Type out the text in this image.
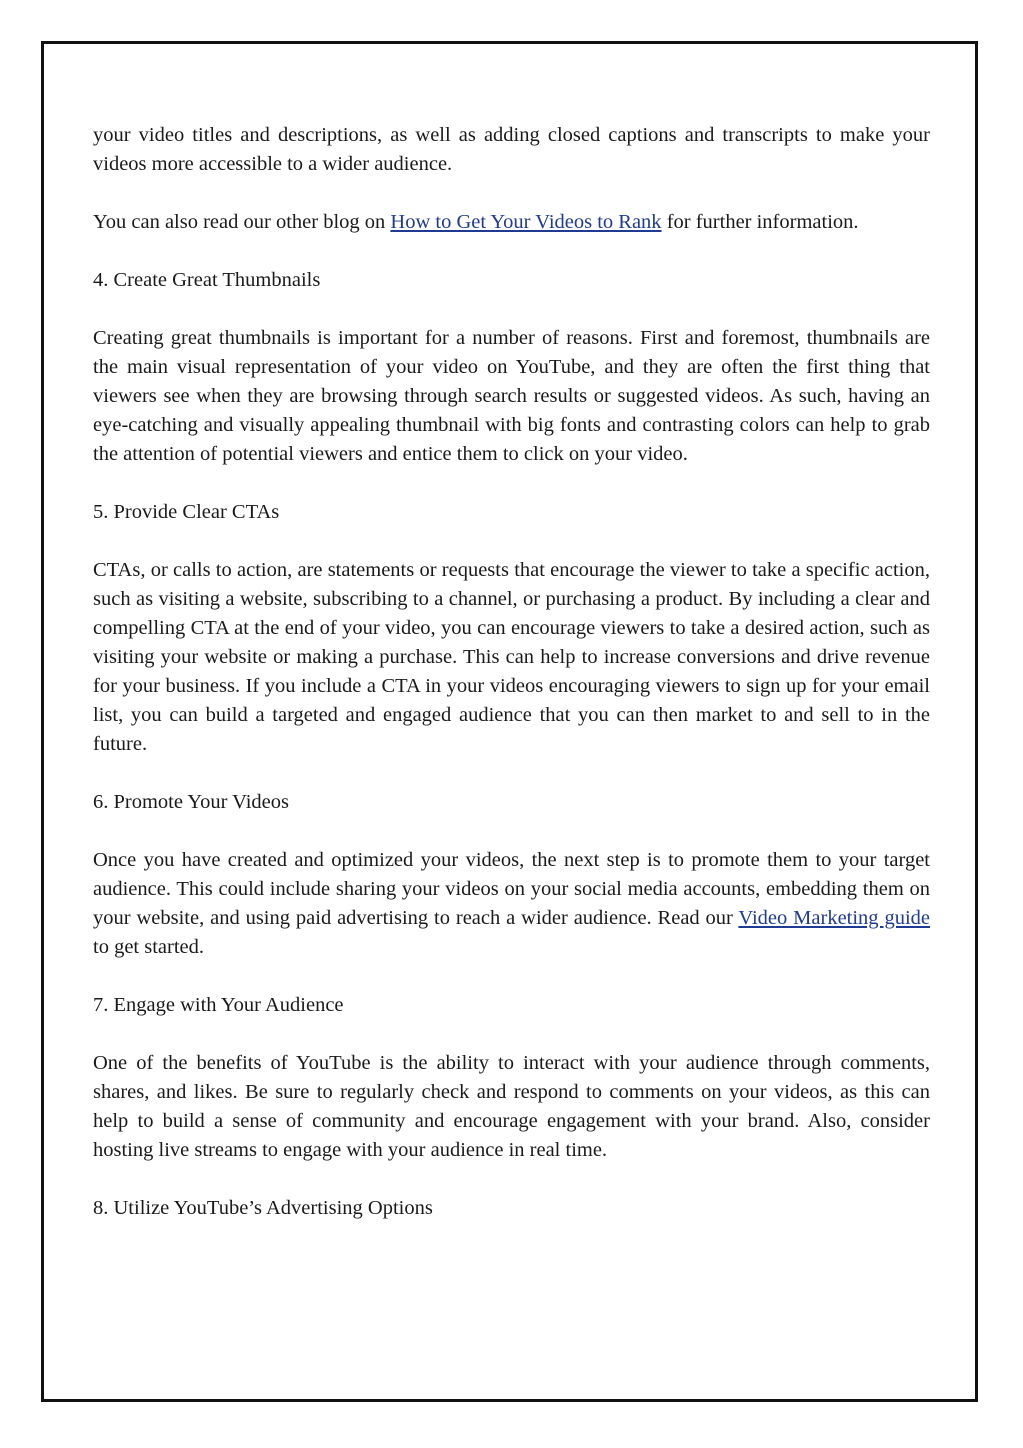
your video titles and descriptions, as well as adding closed captions and transcripts to make your videos more accessible to a wider audience.

You can also read our other blog on How to Get Your Videos to Rank for further information.

4. Create Great Thumbnails

Creating great thumbnails is important for a number of reasons. First and foremost, thumbnails are the main visual representation of your video on YouTube, and they are often the first thing that viewers see when they are browsing through search results or suggested videos. As such, having an eye-catching and visually appealing thumbnail with big fonts and contrasting colors can help to grab the attention of potential viewers and entice them to click on your video.

5. Provide Clear CTAs

CTAs, or calls to action, are statements or requests that encourage the viewer to take a specific action, such as visiting a website, subscribing to a channel, or purchasing a product. By including a clear and compelling CTA at the end of your video, you can encourage viewers to take a desired action, such as visiting your website or making a purchase. This can help to increase conversions and drive revenue for your business. If you include a CTA in your videos encouraging viewers to sign up for your email list, you can build a targeted and engaged audience that you can then market to and sell to in the future.

6. Promote Your Videos

Once you have created and optimized your videos, the next step is to promote them to your target audience. This could include sharing your videos on your social media accounts, embedding them on your website, and using paid advertising to reach a wider audience. Read our Video Marketing guide to get started.

7. Engage with Your Audience

One of the benefits of YouTube is the ability to interact with your audience through comments, shares, and likes. Be sure to regularly check and respond to comments on your videos, as this can help to build a sense of community and encourage engagement with your brand. Also, consider hosting live streams to engage with your audience in real time.

8. Utilize YouTube’s Advertising Options
